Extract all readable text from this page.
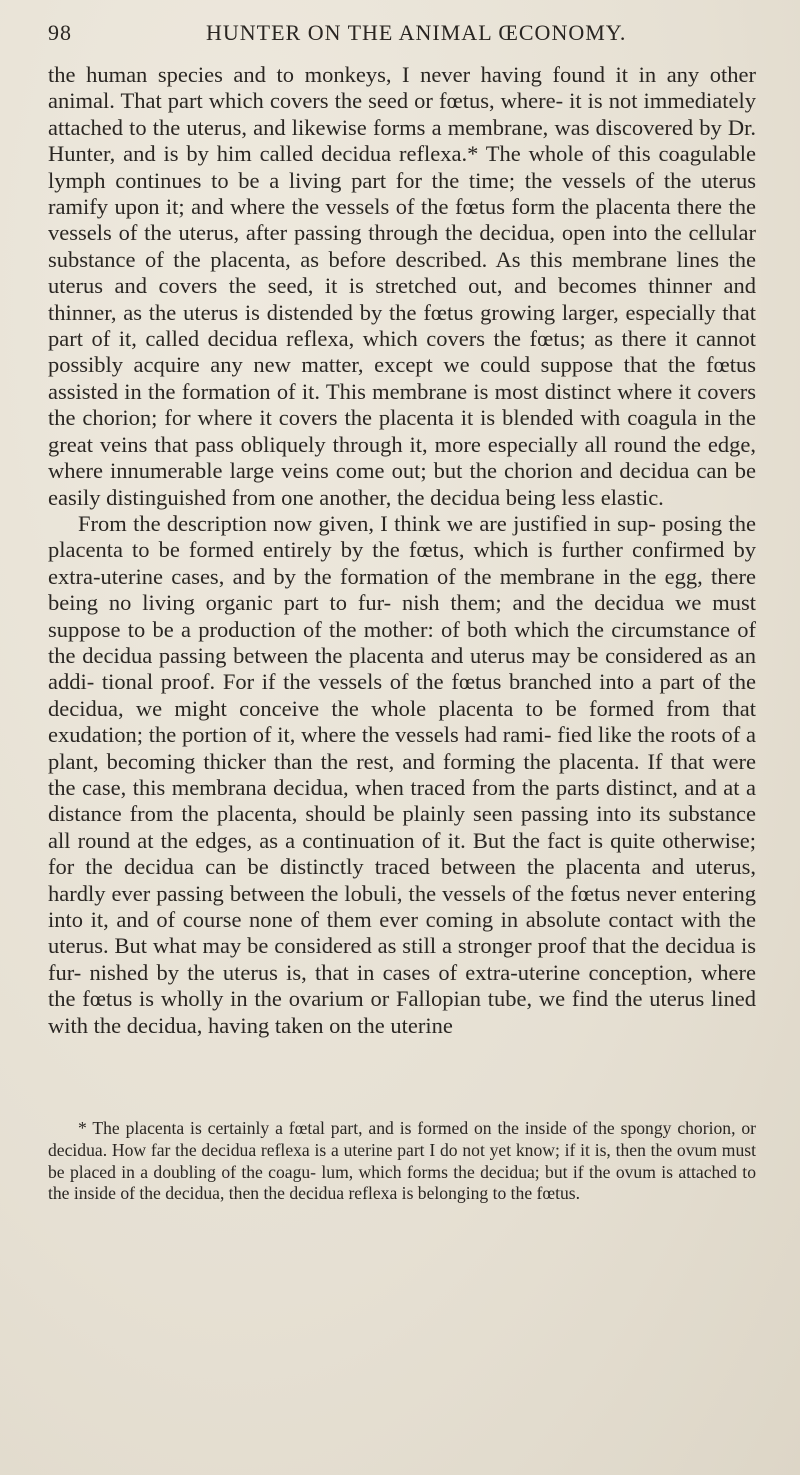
98	HUNTER ON THE ANIMAL ŒCONOMY.

the human species and to monkeys, I never having found it in any other animal. That part which covers the seed or fœtus, where- it is not immediately attached to the uterus, and likewise forms a membrane, was discovered by Dr. Hunter, and is by him called decidua reflexa.* The whole of this coagulable lymph continues to be a living part for the time; the vessels of the uterus ramify upon it; and where the vessels of the fœtus form the placenta there the vessels of the uterus, after passing through the decidua, open into the cellular substance of the placenta, as before described. As this membrane lines the uterus and covers the seed, it is stretched out, and becomes thinner and thinner, as the uterus is distended by the fœtus growing larger, especially that part of it, called decidua reflexa, which covers the fœtus; as there it cannot possibly acquire any new matter, except we could suppose that the fœtus assisted in the formation of it. This membrane is most distinct where it covers the chorion; for where it covers the placenta it is blended with coagula in the great veins that pass obliquely through it, more especially all round the edge, where innumerable large veins come out; but the chorion and decidua can be easily distinguished from one another, the decidua being less elastic.

From the description now given, I think we are justified in sup- posing the placenta to be formed entirely by the fœtus, which is further confirmed by extra-uterine cases, and by the formation of the membrane in the egg, there being no living organic part to fur- nish them; and the decidua we must suppose to be a production of the mother: of both which the circumstance of the decidua passing between the placenta and uterus may be considered as an addi- tional proof. For if the vessels of the fœtus branched into a part of the decidua, we might conceive the whole placenta to be formed from that exudation; the portion of it, where the vessels had rami- fied like the roots of a plant, becoming thicker than the rest, and forming the placenta. If that were the case, this membrana decidua, when traced from the parts distinct, and at a distance from the placenta, should be plainly seen passing into its substance all round at the edges, as a continuation of it. But the fact is quite otherwise; for the decidua can be distinctly traced between the placenta and uterus, hardly ever passing between the lobuli, the vessels of the fœtus never entering into it, and of course none of them ever coming in absolute contact with the uterus. But what may be considered as still a stronger proof that the decidua is fur- nished by the uterus is, that in cases of extra-uterine conception, where the fœtus is wholly in the ovarium or Fallopian tube, we find the uterus lined with the decidua, having taken on the uterine

* The placenta is certainly a fœtal part, and is formed on the inside of the spongy chorion, or decidua. How far the decidua reflexa is a uterine part I do not yet know; if it is, then the ovum must be placed in a doubling of the coagu- lum, which forms the decidua; but if the ovum is attached to the inside of the decidua, then the decidua reflexa is belonging to the fœtus.
